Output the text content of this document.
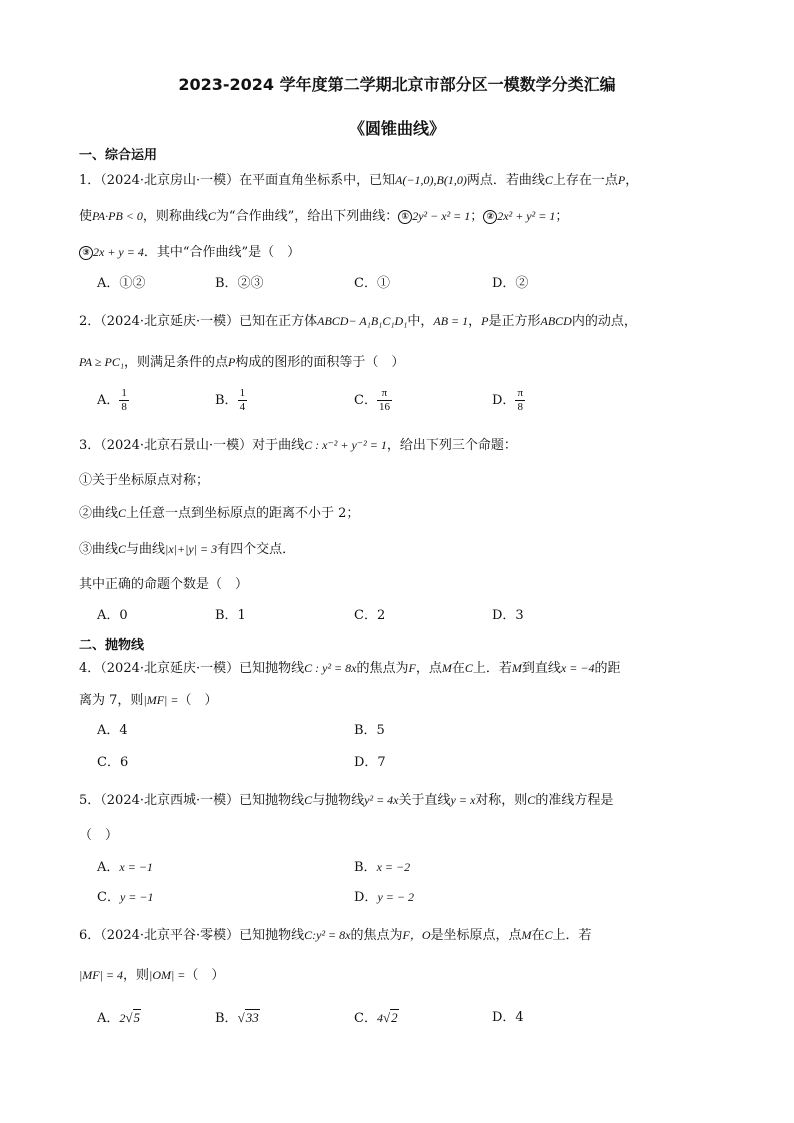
2023-2024 学年度第二学期北京市部分区一模数学分类汇编
《圆锥曲线》
一、综合运用
1．（2024·北京房山·一模）在平面直角坐标系中，已知A(−1,0),B(1,0)两点．若曲线C上存在一点P，
使PA·PB < 0，则称曲线C为“合作曲线”，给出下列曲线： ① 2y² − x² = 1； ② 2x² + y² = 1；
③ 2x + y = 4．其中“合作曲线”是（　）
A．①②	B．②③	C．①	D．②
2．（2024·北京延庆·一模）已知在正方体ABCD− A₁B₁C₁D₁中，AB = 1，P是正方形ABCD内的动点，
PA ≥ PC₁，则满足条件的点P构成的图形的面积等于（　）
A． $\frac{1}{8}$	B． $\frac{1}{4}$	C． $\frac{\pi}{16}$	D． $\frac{\pi}{8}$
3．（2024·北京石景山·一模）对于曲线C : x⁻² + y⁻² = 1，给出下列三个命题：
①关于坐标原点对称；
②曲线C上任意一点到坐标原点的距离不小于 2；
③曲线C与曲线|x|+|y| = 3有四个交点．
其中正确的命题个数是（　）
A．0	B．1	C．2	D．3
二、抛物线
4．（2024·北京延庆·一模）已知抛物线C : y² = 8x的焦点为F，点M在C上．若M到直线x = −4的距
离为 7，则|MF| =（　）
A．4	B．5
C．6	D．7
5．（2024·北京西城·一模）已知抛物线C与抛物线y² = 4x关于直线y = x对称，则C的准线方程是
（　）
A．x = −1	B．x = −2
C．y = −1	D．y = − 2
6．（2024·北京平谷·零模）已知抛物线C:y² = 8x的焦点为F，O是坐标原点，点M在C上．若
|MF| = 4，则|OM| =（　）
A．2√5	B．√33	C．4√2	D．4
